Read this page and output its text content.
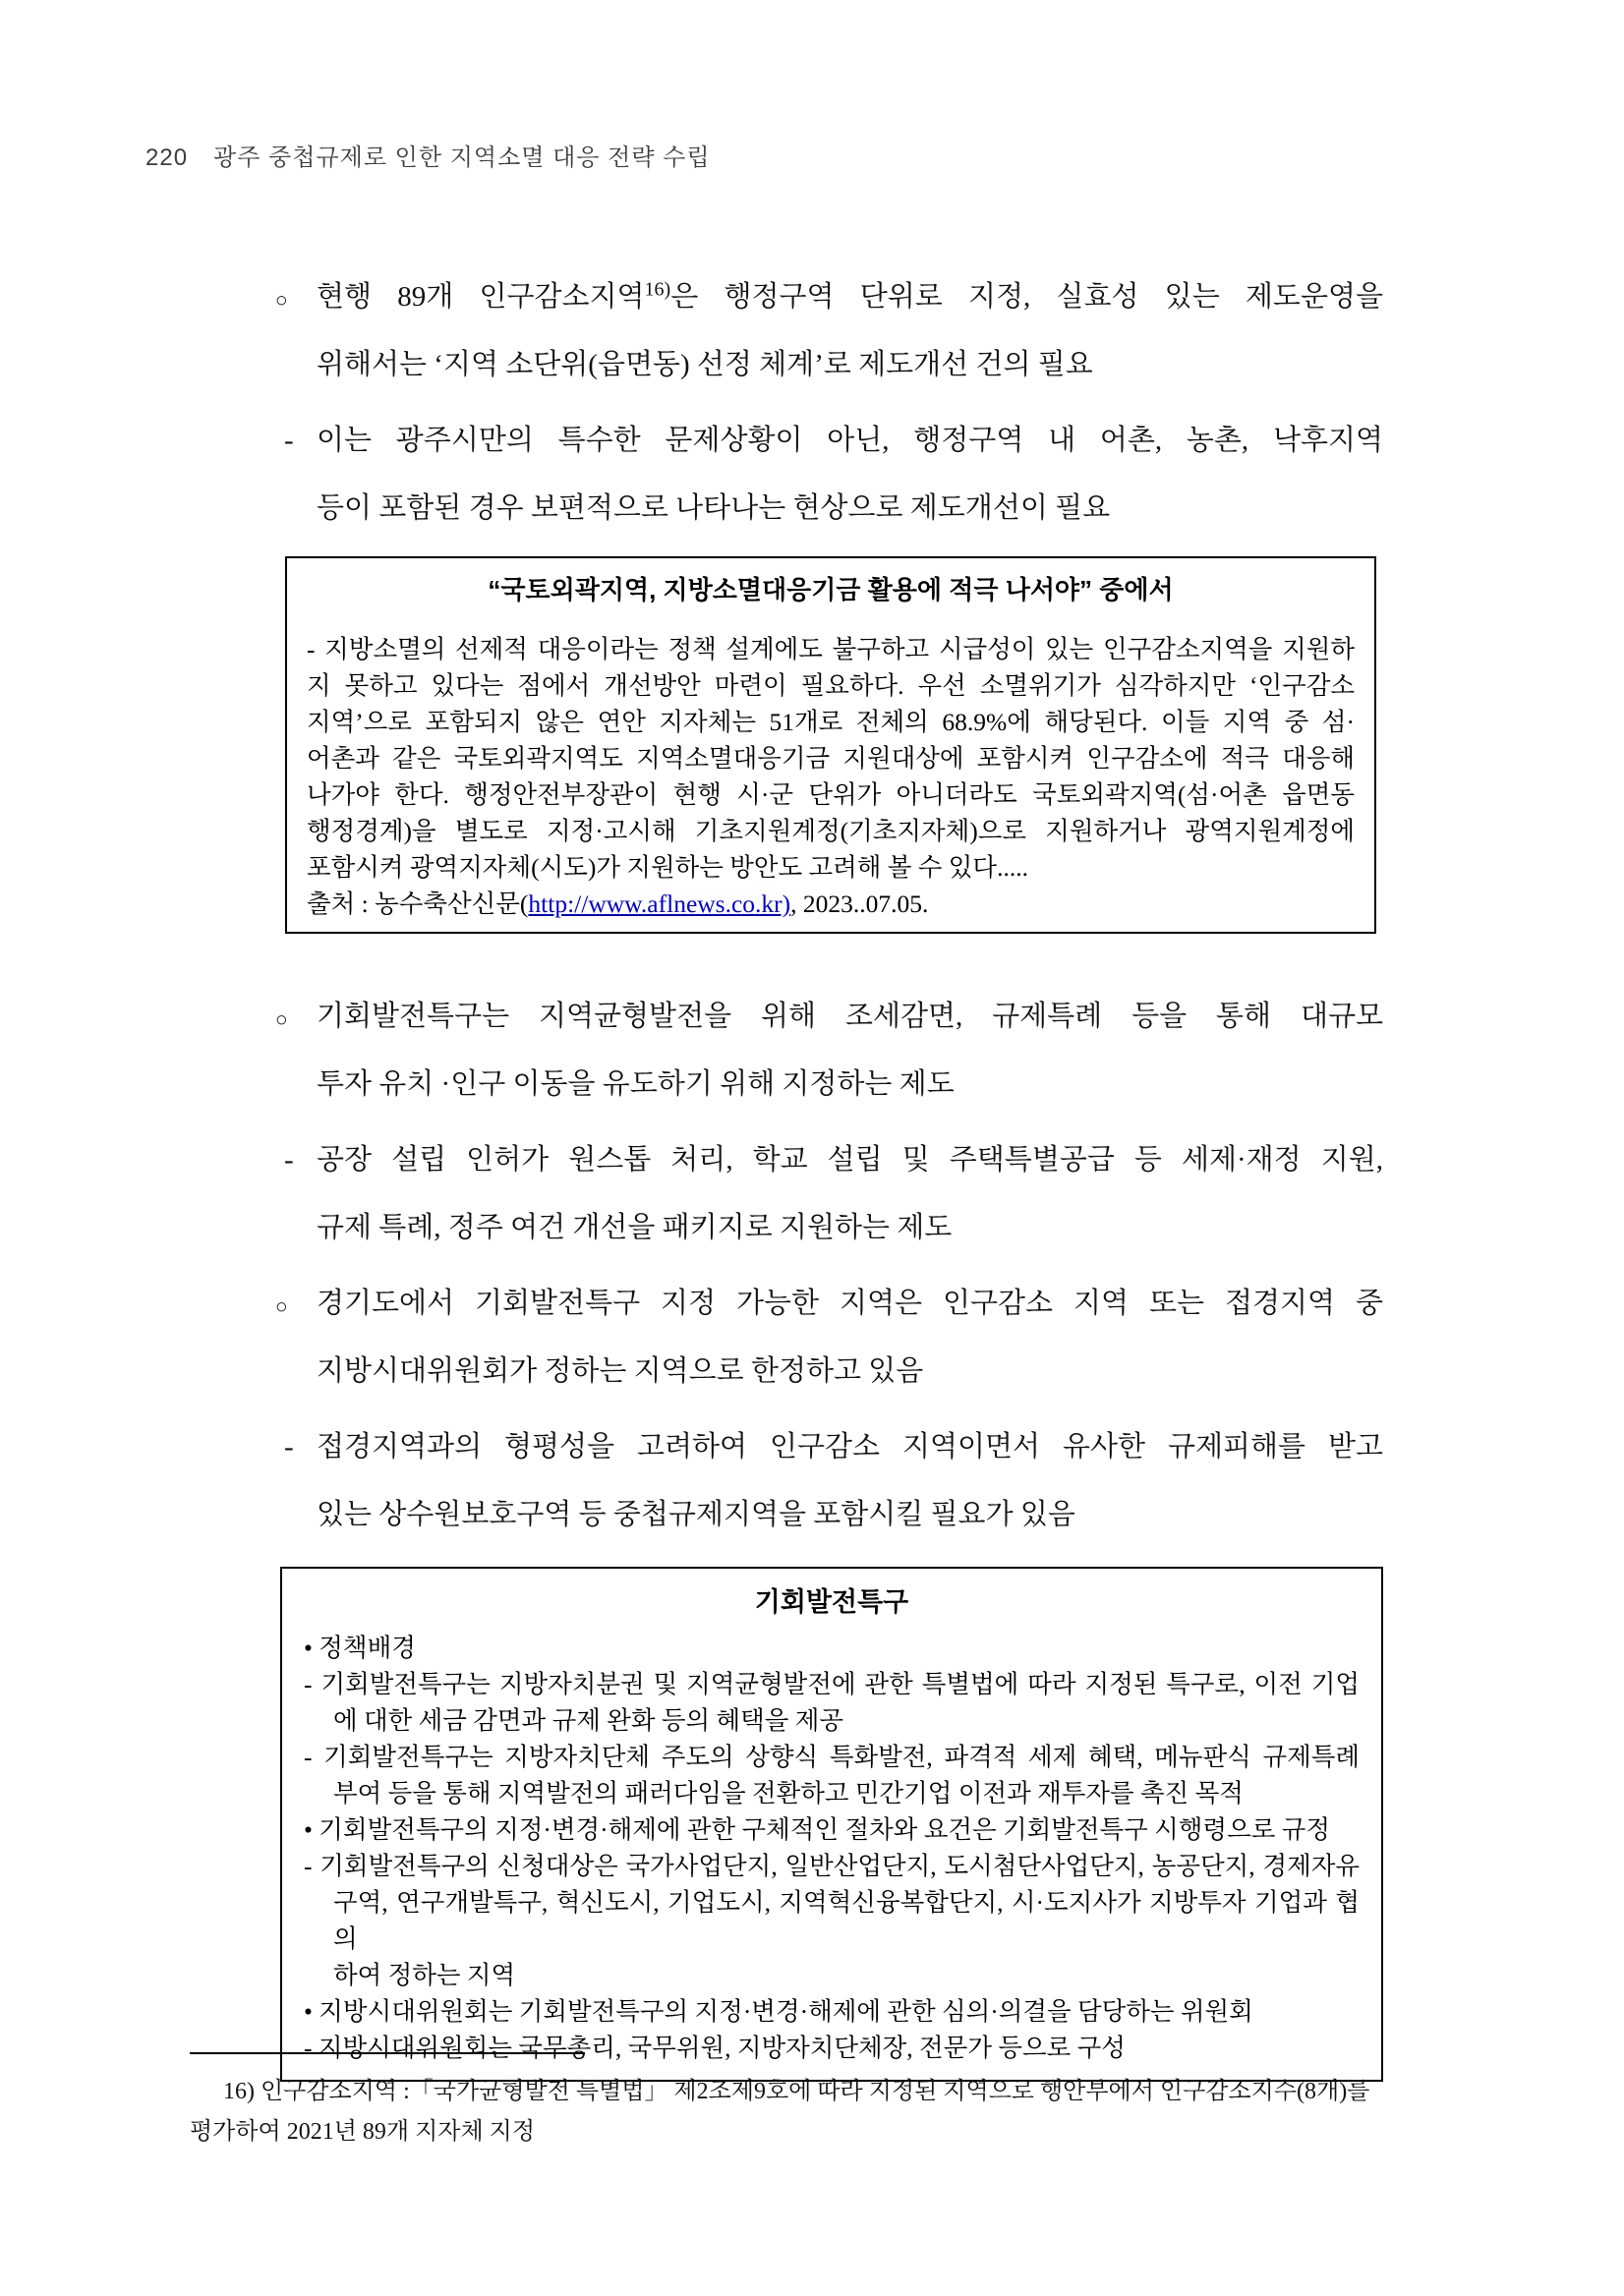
220 광주 중첩규제로 인한 지역소멸 대응 전략 수립
○	현행 89개 인구감소지역$^{16)}$은 행정구역 단위로 지정, 실효성 있는 제도운영을
위해서는 ‘지역 소단위(읍면동) 선정 체계’로 제도개선 건의 필요
- 이는 광주시만의 특수한 문제상황이 아닌, 행정구역 내 어촌, 농촌, 낙후지역
등이 포함된 경우 보편적으로 나타나는 현상으로 제도개선이 필요
“국토외곽지역, 지방소멸대응기금 활용에 적극 나서야” 중에서
- 지방소멸의 선제적 대응이라는 정책 설계에도 불구하고 시급성이 있는 인구감소지역을 지원하
지 못하고 있다는 점에서 개선방안 마련이 필요하다. 우선 소멸위기가 심각하지만 ‘인구감소
지역’으로 포함되지 않은 연안 지자체는 51개로 전체의 68.9%에 해당된다. 이들 지역 중 섬·
어촌과 같은 국토외곽지역도 지역소멸대응기금 지원대상에 포함시켜 인구감소에 적극 대응해
나가야 한다. 행정안전부장관이 현행 시·군 단위가 아니더라도 국토외곽지역(섬·어촌 읍면동
행정경계)을 별도로 지정·고시해 기초지원계정(기초지자체)으로 지원하거나 광역지원계정에
포함시켜 광역지자체(시도)가 지원하는 방안도 고려해 볼 수 있다.....
출처 : 농수축산신문(http://www.aflnews.co.kr), 2023..07.05.
○	기회발전특구는 지역균형발전을 위해 조세감면, 규제특례 등을 통해 대규모
투자 유치 ·인구 이동을 유도하기 위해 지정하는 제도
- 공장 설립 인허가 원스톱 처리, 학교 설립 및 주택특별공급 등 세제·재정 지원,
규제 특례, 정주 여건 개선을 패키지로 지원하는 제도
○	경기도에서 기회발전특구 지정 가능한 지역은 인구감소 지역 또는 접경지역 중
지방시대위원회가 정하는 지역으로 한정하고 있음
- 접경지역과의 형평성을 고려하여 인구감소 지역이면서 유사한 규제피해를 받고
있는 상수원보호구역 등 중첩규제지역을 포함시킬 필요가 있음
기회발전특구
• 정책배경
- 기회발전특구는 지방자치분권 및 지역균형발전에 관한 특별법에 따라 지정된 특구로, 이전 기업
에 대한 세금 감면과 규제 완화 등의 혜택을 제공
- 기회발전특구는 지방자치단체 주도의 상향식 특화발전, 파격적 세제 혜택, 메뉴판식 규제특례
부여 등을 통해 지역발전의 패러다임을 전환하고 민간기업 이전과 재투자를 촉진 목적
• 기회발전특구의 지정·변경·해제에 관한 구체적인 절차와 요건은 기회발전특구 시행령으로 규정
- 기회발전특구의 신청대상은 국가사업단지, 일반산업단지, 도시첨단사업단지, 농공단지, 경제자유
구역, 연구개발특구, 혁신도시, 기업도시, 지역혁신융복합단지, 시·도지사가 지방투자 기업과 협의
하여 정하는 지역
• 지방시대위원회는 기회발전특구의 지정·변경·해제에 관한 심의·의결을 담당하는 위원회
- 지방시대위원회는 국무총리, 국무위원, 지방자치단체장, 전문가 등으로 구성
16) 인구감소지역 :「국가균형발전 특별법」 제2조제9호에 따라 지정된 지역으로 행안부에서 인구감소지수(8개)를
평가하여 2021년 89개 지자체 지정
